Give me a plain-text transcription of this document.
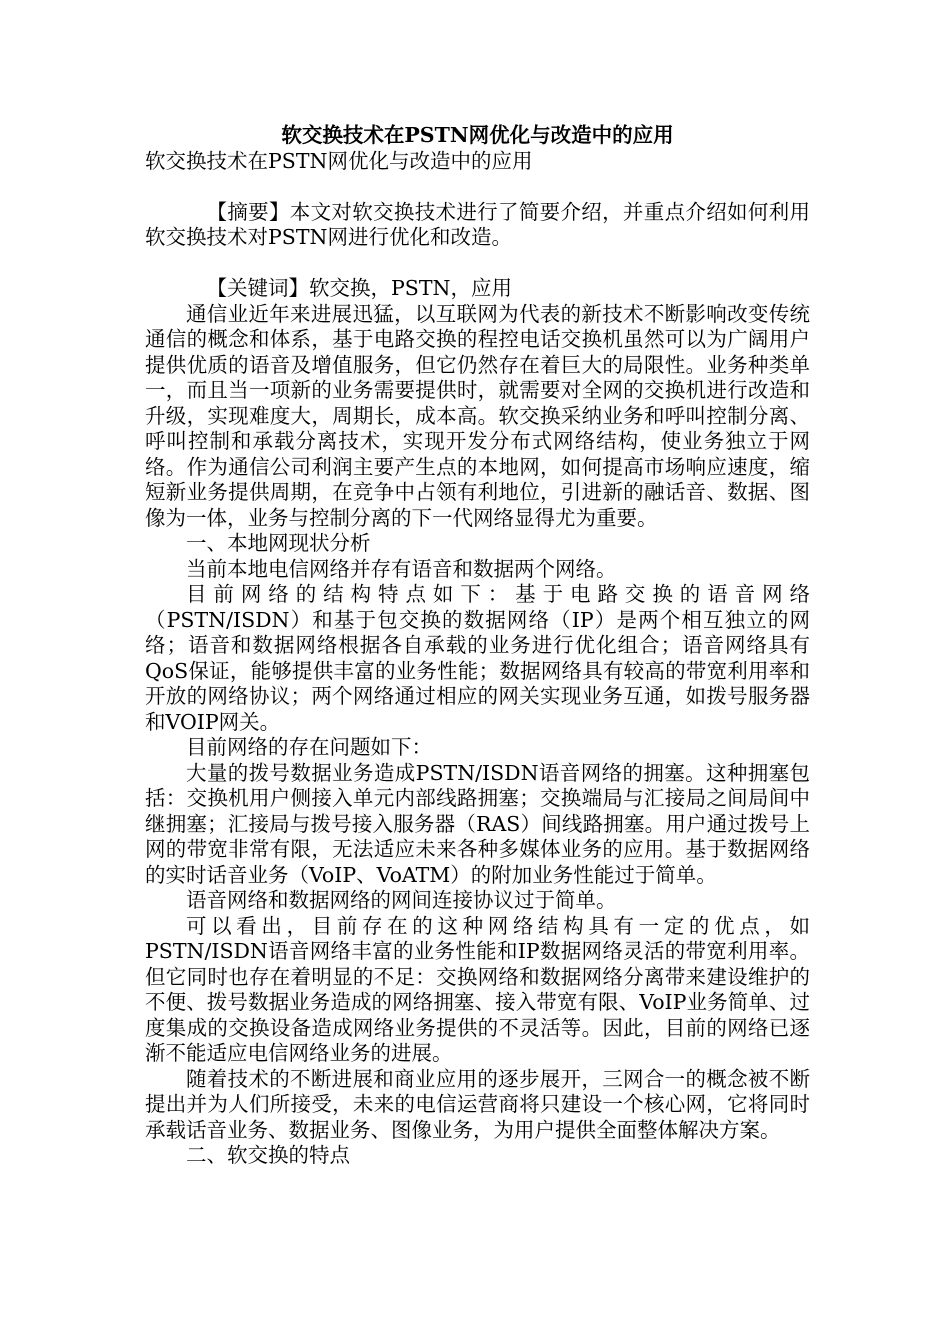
软交换技术在PSTN网优化与改造中的应用

软交换技术在PSTN网优化与改造中的应用

【摘要】本文对软交换技术进行了简要介绍，并重点介绍如何利用软交换技术对PSTN网进行优化和改造。

【关键词】软交换，PSTN，应用

通信业近年来进展迅猛，以互联网为代表的新技术不断影响改变传统通信的概念和体系，基于电路交换的程控电话交换机虽然可以为广阔用户提供优质的语音及增值服务，但它仍然存在着巨大的局限性。业务种类单一，而且当一项新的业务需要提供时，就需要对全网的交换机进行改造和升级，实现难度大，周期长，成本高。软交换采纳业务和呼叫控制分离、呼叫控制和承载分离技术，实现开发分布式网络结构，使业务独立于网络。作为通信公司利润主要产生点的本地网，如何提高市场响应速度，缩短新业务提供周期，在竞争中占领有利地位，引进新的融话音、数据、图像为一体，业务与控制分离的下一代网络显得尤为重要。

一、本地网现状分析

当前本地电信网络并存有语音和数据两个网络。

目前网络的结构特点如下：基于电路交换的语音网络（PSTN/ISDN）和基于包交换的数据网络（IP）是两个相互独立的网络；语音和数据网络根据各自承载的业务进行优化组合；语音网络具有QoS保证，能够提供丰富的业务性能；数据网络具有较高的带宽利用率和开放的网络协议；两个网络通过相应的网关实现业务互通，如拨号服务器和VOIP网关。

目前网络的存在问题如下：

大量的拨号数据业务造成PSTN/ISDN语音网络的拥塞。这种拥塞包括：交换机用户侧接入单元内部线路拥塞；交换端局与汇接局之间局间中继拥塞；汇接局与拨号接入服务器（RAS）间线路拥塞。用户通过拨号上网的带宽非常有限，无法适应未来各种多媒体业务的应用。基于数据网络的实时话音业务（VoIP、VoATM）的附加业务性能过于简单。

语音网络和数据网络的网间连接协议过于简单。

可以看出，目前存在的这种网络结构具有一定的优点，如PSTN/ISDN语音网络丰富的业务性能和IP数据网络灵活的带宽利用率。但它同时也存在着明显的不足：交换网络和数据网络分离带来建设维护的不便、拨号数据业务造成的网络拥塞、接入带宽有限、VoIP业务简单、过度集成的交换设备造成网络业务提供的不灵活等。因此，目前的网络已逐渐不能适应电信网络业务的进展。

随着技术的不断进展和商业应用的逐步展开，三网合一的概念被不断提出并为人们所接受，未来的电信运营商将只建设一个核心网，它将同时承载话音业务、数据业务、图像业务，为用户提供全面整体解决方案。

二、软交换的特点
